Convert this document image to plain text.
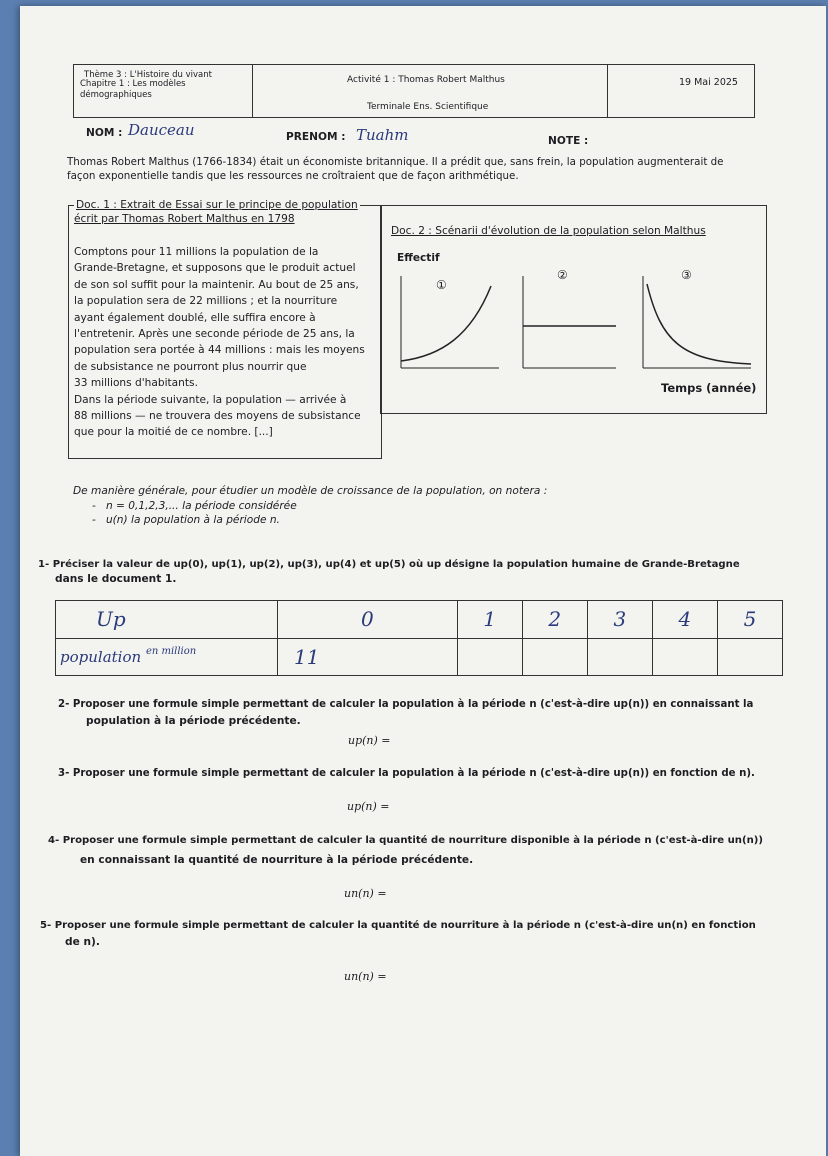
Thème 3 : L'Histoire du vivant
Chapitre 1 : Les modèles
démographiques
Activité 1 : Thomas Robert Malthus
Terminale Ens. Scientifique
19 Mai 2025
NOM : Dauceau	PRENOM : Tuahm	NOTE :
Thomas Robert Malthus (1766-1834) était un économiste britannique. Il a prédit que, sans frein, la population augmenterait de
façon exponentielle tandis que les ressources ne croîtraient que de façon arithmétique.
Doc. 1 : Extrait de Essai sur le principe de population
écrit par Thomas Robert Malthus en 1798
Comptons pour 11 millions la population de la
Grande-Bretagne, et supposons que le produit actuel
de son sol suffit pour la maintenir. Au bout de 25 ans,
la population sera de 22 millions ; et la nourriture
ayant également doublé, elle suffira encore à
l'entretenir. Après une seconde période de 25 ans, la
population sera portée à 44 millions : mais les moyens
de subsistance ne pourront plus nourrir que
33 millions d'habitants.
Dans la période suivante, la population — arrivée à
88 millions — ne trouvera des moyens de subsistance
que pour la moitié de ce nombre. [...]
Doc. 2 : Scénarii d'évolution de la population selon Malthus
Effectif
Temps (année)
①
②	③
De manière générale, pour étudier un modèle de croissance de la population, on notera :
-   n = 0,1,2,3,... la période considérée
-   u(n) la population à la période n.
1- Préciser la valeur de up(0), up(1), up(2), up(3), up(4) et up(5) où up désigne la population humaine de Grande-Bretagne
dans le document 1.
Up	0	1	2	3	4	5
population $^{en million}$	11					
2- Proposer une formule simple permettant de calculer la population à la période n (c'est-à-dire up(n)) en connaissant la
population à la période précédente.
up(n) =
3- Proposer une formule simple permettant de calculer la population à la période n (c'est-à-dire up(n)) en fonction de n).
up(n) =
4- Proposer une formule simple permettant de calculer la quantité de nourriture disponible à la période n (c'est-à-dire un(n))
en connaissant la quantité de nourriture à la période précédente.
un(n) =
5- Proposer une formule simple permettant de calculer la quantité de nourriture à la période n (c'est-à-dire un(n) en fonction
de n).
un(n) =
